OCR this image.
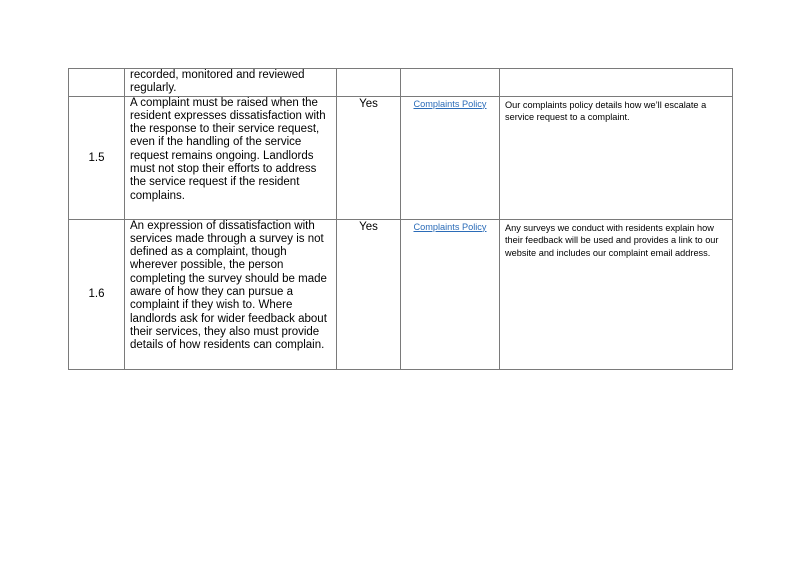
	recorded, monitored and reviewed regularly.			
1.5	A complaint must be raised when the resident expresses dissatisfaction with the response to their service request, even if the handling of the service request remains ongoing. Landlords must not stop their efforts to address the service request if the resident complains.	Yes	Complaints Policy	Our complaints policy details how we’ll escalate a service request to a complaint.
1.6	An expression of dissatisfaction with services made through a survey is not defined as a complaint, though wherever possible, the person completing the survey should be made aware of how they can pursue a complaint if they wish to. Where landlords ask for wider feedback about their services, they also must provide details of how residents can complain.	Yes	Complaints Policy	Any surveys we conduct with residents explain how their feedback will be used and provides a link to our website and includes our complaint email address.
